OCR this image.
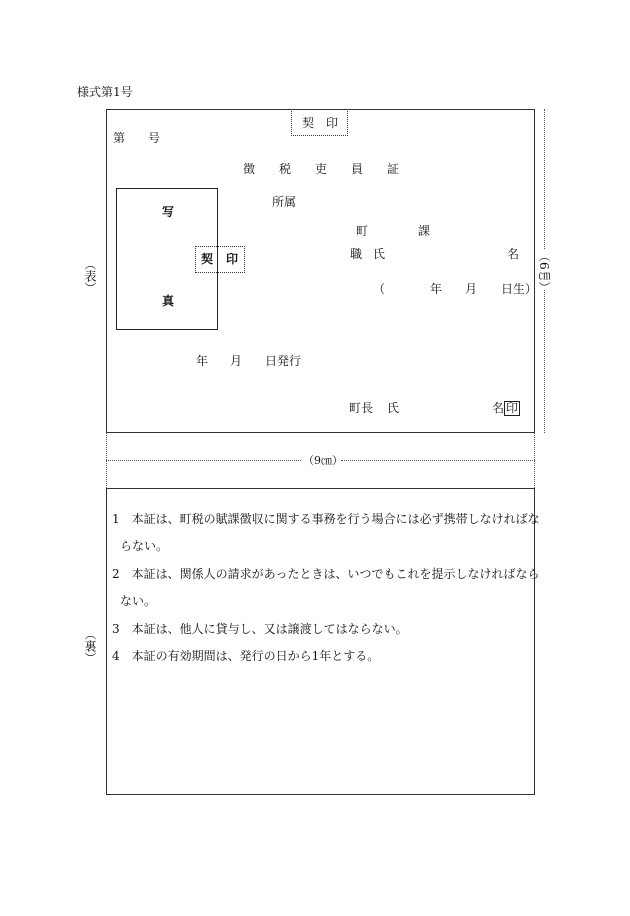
様式第1号
契 印
第 号
徴　　税　　吏　　員　　証
所属
町	課
職 氏	名
（	年 月 日生）
写
真
契 印
年 月 日発行
町長 氏	名 印
（表）	（6㎝）
（9㎝）
（裏）
1　 本証は、町税の賦課徴収に関する事務を行う場合には必ず携帯しなければな
らない。
2　 本証は、関係人の請求があったときは、いつでもこれを提示しなければなら
ない。
3　 本証は、他人に貸与し、又は譲渡してはならない。
4　 本証の有効期間は、発行の日から1年とする。
